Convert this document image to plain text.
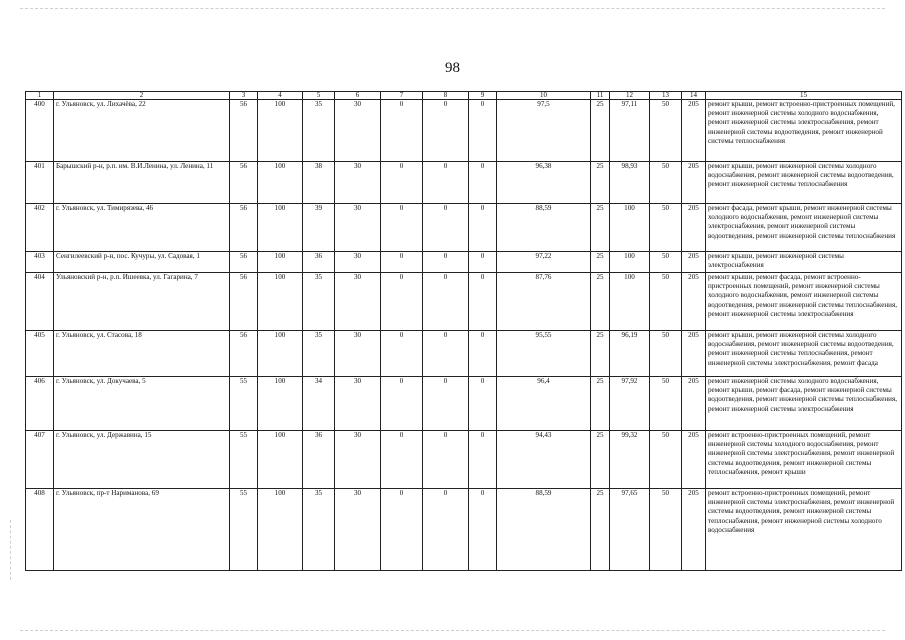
98
1	2	3	4	5	6	7	8	9	10	11	12	13	14	15
400	г. Ульяновск, ул. Лихачёва, 22	56	100	35	30	0	0	0	97,5	25	97,11	50	205	ремонт крыши, ремонт встроенно-пристроенных помещений, ремонт инженерной системы холодного водоснабжения, ремонт инженерной системы электроснабжения, ремонт инженерной системы водоотведения, ремонт инженерной системы теплоснабжения
401	Барышский р-н, р.п. им. В.И.Ленина, ул. Ленина, 11	56	100	38	30	0	0	0	96,38	25	98,93	50	205	ремонт крыши, ремонт инженерной системы холодного водоснабжения, ремонт инженерной системы водоотведения, ремонт инженерной системы теплоснабжения
402	г. Ульяновск, ул. Тимирязева, 46	56	100	39	30	0	0	0	88,59	25	100	50	205	ремонт фасада, ремонт крыши, ремонт инженерной системы холодного водоснабжения, ремонт инженерной системы электроснабжения, ремонт инженерной системы водоотведения, ремонт инженерной системы теплоснабжения
403	Сенгилеевский р-н, пос. Кучуры, ул. Садовая, 1	56	100	36	30	0	0	0	97,22	25	100	50	205	ремонт крыши, ремонт инженерной системы электроснабжения
404	Ульяновский р-н, р.п. Ишеевка, ул. Гагарина, 7	56	100	35	30	0	0	0	87,76	25	100	50	205	ремонт крыши, ремонт фасада, ремонт встроенно-пристроенных помещений, ремонт инженерной системы холодного водоснабжения, ремонт инженерной системы водоотведения, ремонт инженерной системы теплоснабжения, ремонт инженерной системы электроснабжения
405	г. Ульяновск, ул. Стасова, 18	56	100	35	30	0	0	0	95,55	25	96,19	50	205	ремонт крыши, ремонт инженерной системы холодного водоснабжения, ремонт инженерной системы водоотведения, ремонт инженерной системы теплоснабжения, ремонт инженерной системы электроснабжения, ремонт фасада
406	г. Ульяновск, ул. Докучаева, 5	55	100	34	30	0	0	0	96,4	25	97,92	50	205	ремонт инженерной системы холодного водоснабжения, ремонт крыши, ремонт фасада, ремонт инженерной системы водоотведения, ремонт инженерной системы теплоснабжения, ремонт инженерной системы электроснабжения
407	г. Ульяновск, ул. Державина, 15	55	100	36	30	0	0	0	94,43	25	99,32	50	205	ремонт встроенно-пристроенных помещений, ремонт инженерной системы холодного водоснабжения, ремонт инженерной системы электроснабжения, ремонт инженерной системы водоотведения, ремонт инженерной системы теплоснабжения, ремонт крыши
408	г. Ульяновск, пр-т Нариманова, 69	55	100	35	30	0	0	0	88,59	25	97,65	50	205	ремонт встроенно-пристроенных помещений, ремонт инженерной системы электроснабжения, ремонт инженерной системы водоотведения, ремонт инженерной системы теплоснабжения, ремонт инженерной системы холодного водоснабжения
